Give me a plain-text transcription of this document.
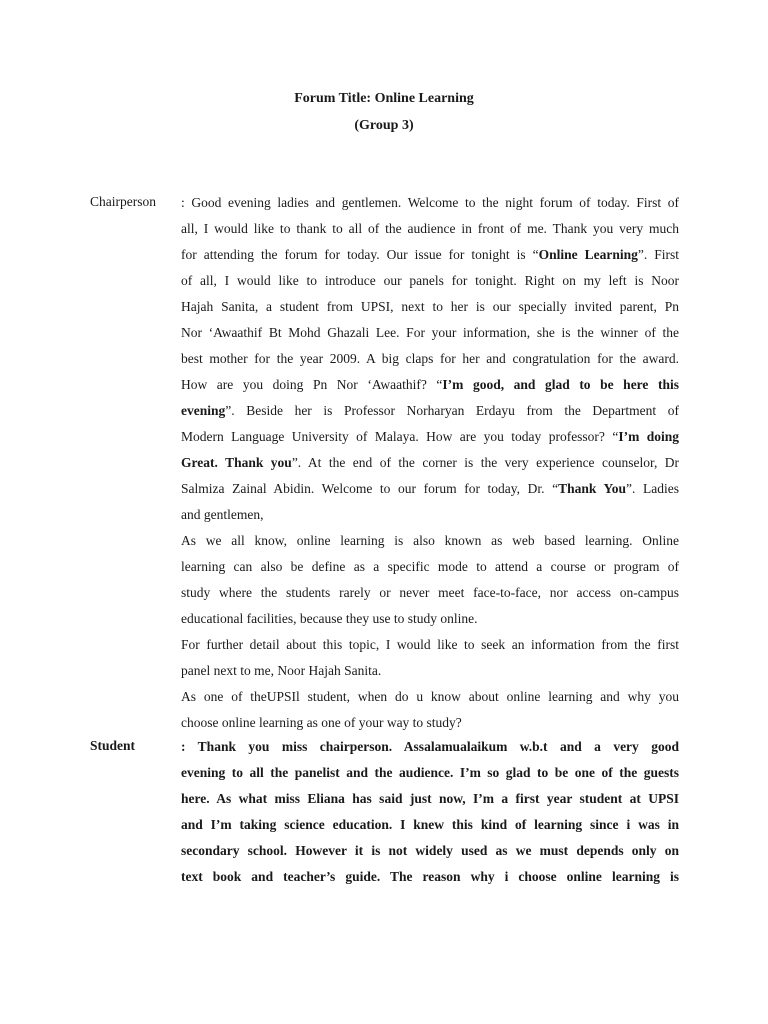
Forum Title: Online Learning
(Group 3)
Chairperson : Good evening ladies and gentlemen. Welcome to the night forum of today. First of
all, I would like to thank to all of the audience in front of me. Thank you very much
for attending the forum for today. Our issue for tonight is “Online Learning”. First
of all, I would like to introduce our panels for tonight. Right on my left is Noor
Hajah Sanita, a student from UPSI, next to her is our specially invited parent, Pn
Nor ‘Awaathif Bt Mohd Ghazali Lee. For your information, she is the winner of the
best mother for the year 2009. A big claps for her and congratulation for the award.
How are you doing Pn Nor ‘Awaathif? “I’m good, and glad to be here this
evening”. Beside her is Professor Norharyan Erdayu from the Department of
Modern Language University of Malaya. How are you today professor? “I’m doing
Great. Thank you”. At the end of the corner is the very experience counselor, Dr
Salmiza Zainal Abidin. Welcome to our forum for today, Dr. “Thank You”. Ladies
and gentlemen,
As we all know, online learning is also known as web based learning. Online
learning can also be define as a specific mode to attend a course or program of
study where the students rarely or never meet face-to-face, nor access on-campus
educational facilities, because they use to study online.
For further detail about this topic, I would like to seek an information from the first
panel next to me, Noor Hajah Sanita.
As one of theUPSIl student, when do u know about online learning and why you
choose online learning as one of your way to study?
Student	: Thank you miss chairperson. Assalamualaikum w.b.t and a very good
evening to all the panelist and the audience. I’m so glad to be one of the guests
here. As what miss Eliana has said just now, I’m a first year student at UPSI
and I’m taking science education. I knew this kind of learning since i was in
secondary school. However it is not widely used as we must depends only on
text book and teacher’s guide. The reason why i choose online learning is
